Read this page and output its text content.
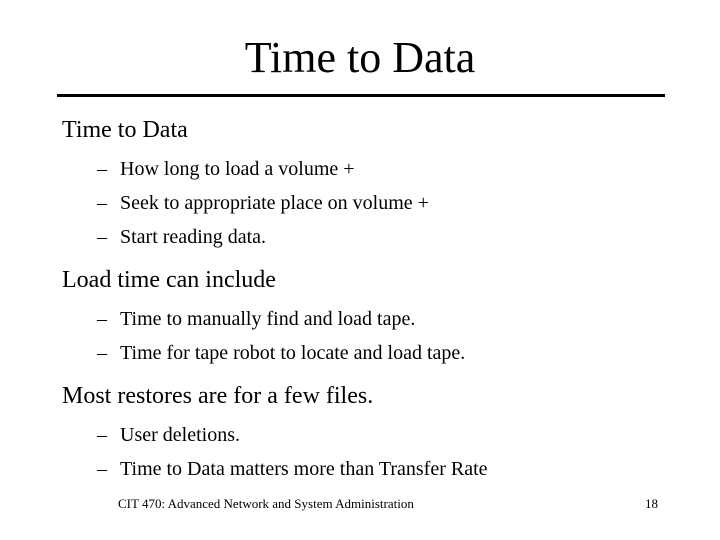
Time to Data
Time to Data
– How long to load a volume +
– Seek to appropriate place on volume +
– Start reading data.
Load time can include
– Time to manually find and load tape.
– Time for tape robot to locate and load tape.
Most restores are for a few files.
– User deletions.
– Time to Data matters more than Transfer Rate
CIT 470: Advanced Network and System Administration	18
